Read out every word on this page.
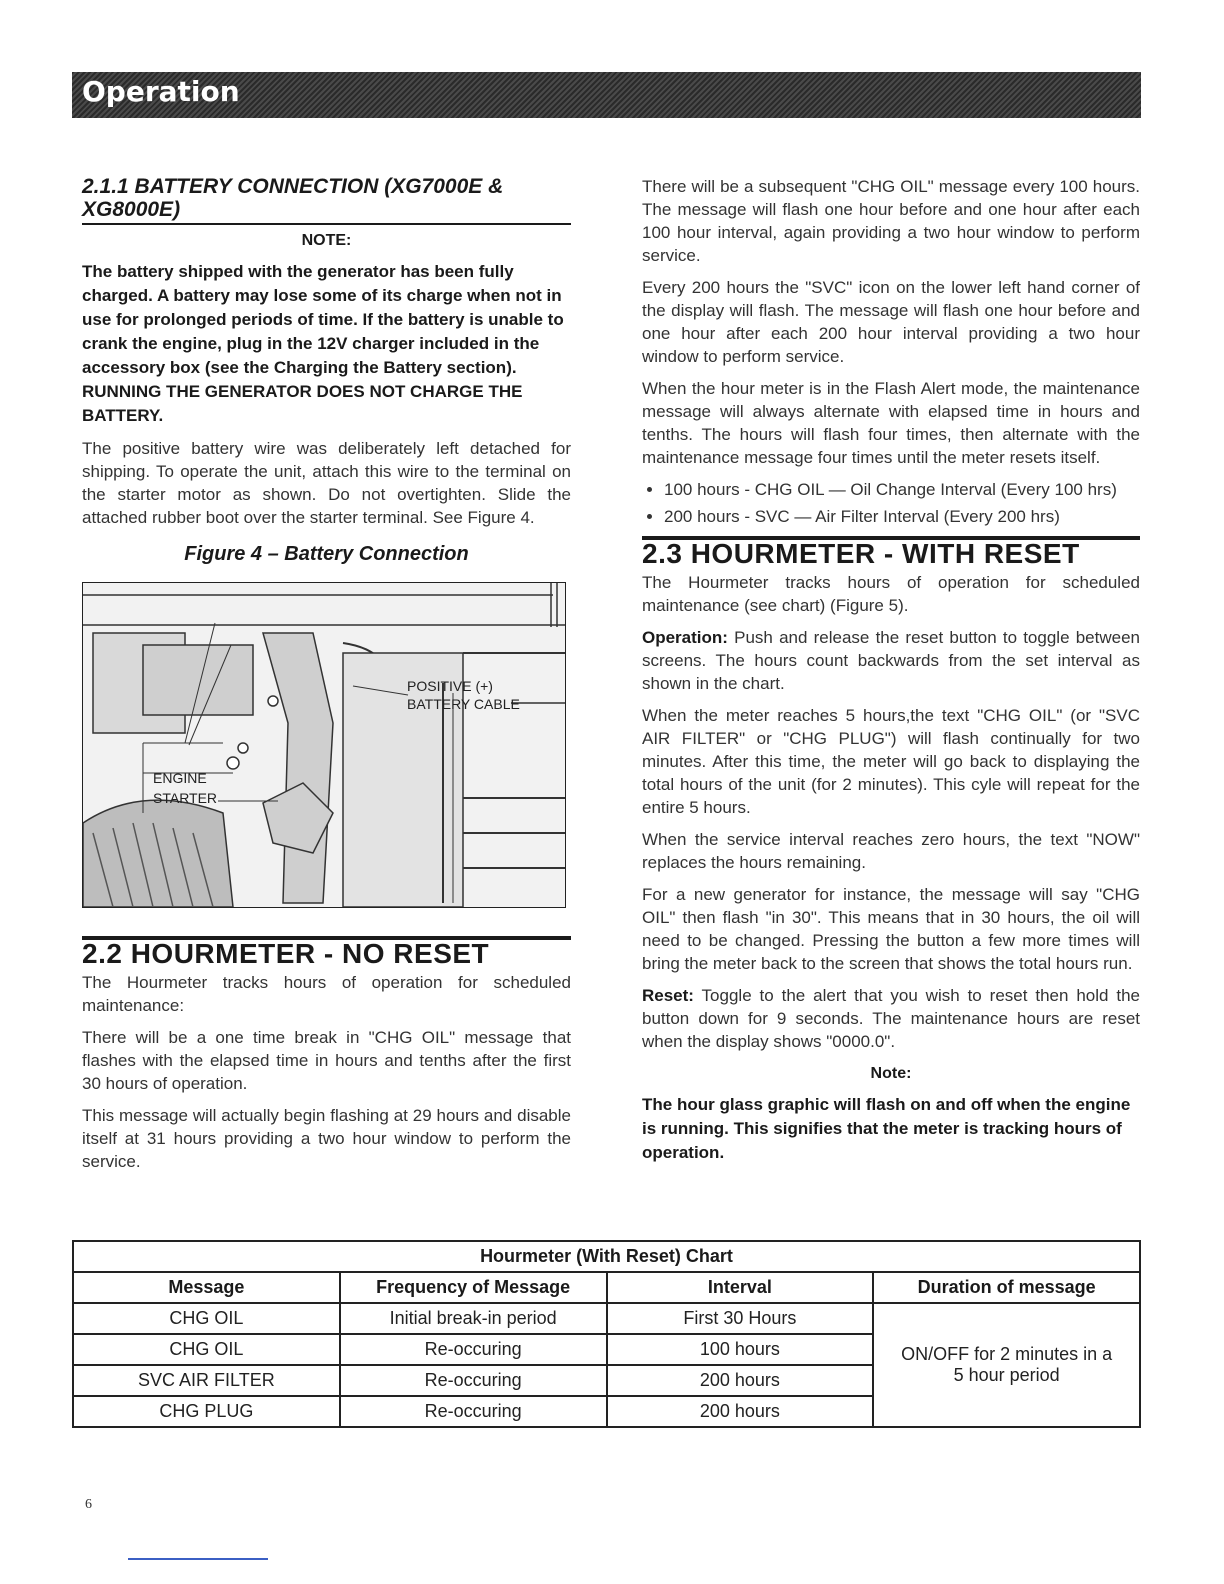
Operation
2.1.1 BATTERY CONNECTION (XG7000E & XG8000E)
NOTE:

The battery shipped with the generator has been fully charged. A battery may lose some of its charge when not in use for prolonged periods of time. If the battery is unable to crank the engine, plug in the 12V charger included in the accessory box (see the Charging the Battery section). RUNNING THE GENERATOR DOES NOT CHARGE THE BATTERY.

The positive battery wire was deliberately left detached for shipping. To operate the unit, attach this wire to the terminal on the starter motor as shown. Do not overtighten. Slide the attached rubber boot over the starter terminal. See Figure 4.

Figure 4 – Battery Connection
POSITIVE (+)
BATTERY CABLE
ENGINE
STARTER
2.2 HOURMETER - NO RESET

The Hourmeter tracks hours of operation for scheduled maintenance:

There will be a one time break in "CHG OIL" message that flashes with the elapsed time in hours and tenths after the first 30 hours of operation.

This message will actually begin flashing at 29 hours and disable itself at 31 hours providing a two hour window to perform the service.

There will be a subsequent "CHG OIL" message every 100 hours. The message will flash one hour before and one hour after each 100 hour interval, again providing a two hour window to perform service.

Every 200 hours the "SVC" icon on the lower left hand corner of the display will flash. The message will flash one hour before and one hour after each 200 hour interval providing a two hour window to perform service.

When the hour meter is in the Flash Alert mode, the maintenance message will always alternate with elapsed time in hours and tenths. The hours will flash four times, then alternate with the maintenance message four times until the meter resets itself.

• 100 hours - CHG OIL — Oil Change Interval (Every 100 hrs)
• 200 hours - SVC — Air Filter Interval (Every 200 hrs)
2.3 HOURMETER - WITH RESET

The Hourmeter tracks hours of operation for scheduled maintenance (see chart) (Figure 5).

Operation: Push and release the reset button to toggle between screens. The hours count backwards from the set interval as shown in the chart.

When the meter reaches 5 hours,the text "CHG OIL" (or "SVC AIR FILTER" or "CHG PLUG") will flash continually for two minutes. After this time, the meter will go back to displaying the total hours of the unit (for 2 minutes). This cyle will repeat for the entire 5 hours.

When the service interval reaches zero hours, the text "NOW" replaces the hours remaining.

For a new generator for instance, the message will say "CHG OIL" then flash "in 30". This means that in 30 hours, the oil will need to be changed. Pressing the button a few more times will bring the meter back to the screen that shows the total hours run.

Reset: Toggle to the alert that you wish to reset then hold the button down for 9 seconds. The maintenance hours are reset when the display shows "0000.0".

Note:

The hour glass graphic will flash on and off when the engine is running. This signifies that the meter is tracking hours of operation.

Hourmeter (With Reset) Chart			
Message	Frequency of Message	Interval	Duration of message
CHG OIL	Initial break-in period	First 30 Hours	ON/OFF for 2 minutes in a 5 hour period
CHG OIL	Re-occuring	100 hours	
SVC AIR FILTER	Re-occuring	200 hours	
CHG PLUG	Re-occuring	200 hours	
6
